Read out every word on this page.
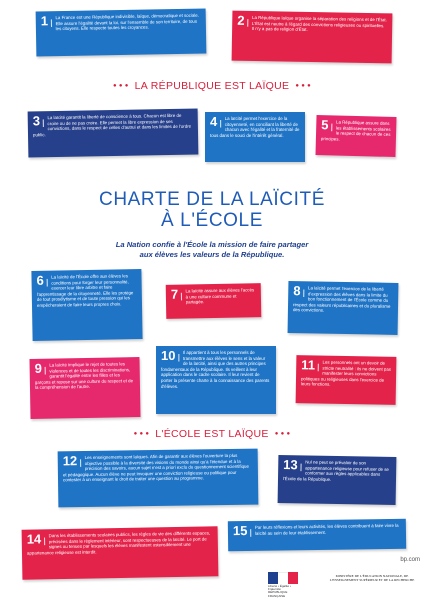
1 |	La France est une République indivisible, laïque, démocratique et sociale. Elle assure l'égalité devant la loi, sur l'ensemble de son territoire, de tous les citoyens. Elle respecte toutes les croyances.
2 |	La République laïque organise la séparation des religions et de l'État. L'État est neutre à l'égard des convictions religieuses ou spirituelles. Il n'y a pas de religion d'État.
● ● ● LA RÉPUBLIQUE EST LAÏQUE ● ● ●
3 |	La laïcité garantit la liberté de conscience à tous. Chacun est libre de croire ou de ne pas croire. Elle permet la libre expression de ses convictions, dans le respect de celles d'autrui et dans les limites de l'ordre public.
4 |	La laïcité permet l'exercice de la citoyenneté, en conciliant la liberté de chacun avec l'égalité et la fraternité de tous dans le souci de l'intérêt général.
5 |	La République assure dans les établissements scolaires le respect de chacun de ces principes.
CHARTE DE LA LAÏCITÉ
À L'ÉCOLE
La Nation confie à l'École la mission de faire partager
aux élèves les valeurs de la République.
6 |	La laïcité de l'École offre aux élèves les conditions pour forger leur personnalité, exercer leur libre arbitre et faire l'apprentissage de la citoyenneté. Elle les protège de tout prosélytisme et de toute pression qui les empêcheraient de faire leurs propres choix.
7 |	La laïcité assure aux élèves l'accès à une culture commune et partagée.
8 |	La laïcité permet l'exercice de la liberté d'expression des élèves dans la limite du bon fonctionnement de l'École comme du respect des valeurs républicaines et du pluralisme des convictions.
9 |	La laïcité implique le rejet de toutes les violences et de toutes les discriminations, garantit l'égalité entre les filles et les garçons et repose sur une culture du respect et de la compréhension de l'autre.
10 |	Il appartient à tous les personnels de transmettre aux élèves le sens et la valeur de la laïcité, ainsi que des autres principes fondamentaux de la République. Ils veillent à leur application dans le cadre scolaire. Il leur revient de porter la présente charte à la connaissance des parents d'élèves.
11 |	Les personnels ont un devoir de stricte neutralité : ils ne doivent pas manifester leurs convictions politiques ou religieuses dans l'exercice de leurs fonctions.
● ● ● L'ÉCOLE EST LAÏQUE ● ● ●
12 |	Les enseignements sont laïques. Afin de garantir aux élèves l'ouverture la plus objective possible à la diversité des visions du monde ainsi qu'à l'étendue et à la précision des savoirs, aucun sujet n'est a priori exclu du questionnement scientifique et pédagogique. Aucun élève ne peut invoquer une conviction religieuse ou politique pour contester à un enseignant le droit de traiter une question au programme.
13 |	Nul ne peut se prévaloir de son appartenance religieuse pour refuser de se conformer aux règles applicables dans l'École de la République.
14 |	Dans les établissements scolaires publics, les règles de vie des différents espaces, précisées dans le règlement intérieur, sont respectueuses de la laïcité. Le port de signes ou tenues par lesquels les élèves manifestent ostensiblement une appartenance religieuse est interdit.
15 |	Par leurs réflexions et leurs activités, les élèves contribuent à faire vivre la laïcité au sein de leur établissement.
bp.com
Liberté • Égalité • Fraternité RÉPUBLIQUE FRANÇAISE
MINISTÈRE DE L'ÉDUCATION NATIONALE, DE L'ENSEIGNEMENT SUPÉRIEUR ET DE LA RECHERCHE
